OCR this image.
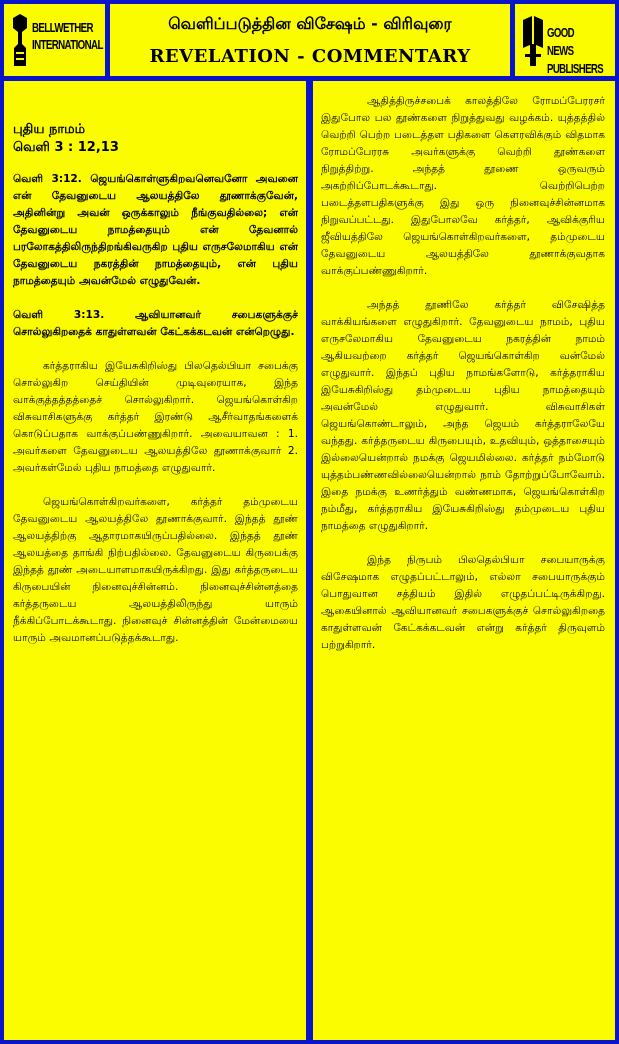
BELLWETHER
INTERNATIONAL
வெளிப்படுத்தின விசேஷம் - விரிவுரை
REVELATION - COMMENTARY
GOOD NEWS
PUBLISHERS
புதிய நாமம்
வெளி 3 : 12,13

வெளி 3:12. ஜெயங்கொள்ளுகிறவனெவனோ அவனை என் தேவனுடைய ஆலயத்திலே தூணாக்குவேன், அதினின்று அவன் ஒருக்காலும் நீங்குவதில்லை; என் தேவனுடைய நாமத்தையும் என் தேவனால் பரலோகத்திலிருந்திறங்கிவருகிற புதிய எருசலேமாகிய என் தேவனுடைய நகரத்தின் நாமத்தையும், என் புதிய நாமத்தையும் அவன்மேல் எழுதுவேன்.

வெளி 3:13. ஆவியானவர் சபைகளுக்குச் சொல்லுகிறதைக் காதுள்ளவன் கேட்கக்கடவன் என்றெழுது.

கர்த்தராகிய இயேசுகிறிஸ்து பிலதெல்பியா சபைக்கு சொல்லுகிற செய்தியின் முடிவுரையாக, இந்த வாக்குத்தத்தத்தைச் சொல்லுகிறார். ஜெயங்கொள்கிற விசுவாசிகளுக்கு கர்த்தர் இரண்டு ஆசீர்வாதங்களைக் கொடுப்பதாக வாக்குப்பண்ணுகிறார். அவையாவன : 1. அவர்களை தேவனுடைய ஆலயத்திலே தூணாக்குவார் 2. அவர்கள்மேல் புதிய நாமத்தை எழுதுவார்.

ஜெயங்கொள்கிறவர்களை, கர்த்தர் தம்முடைய தேவனுடைய ஆலயத்திலே தூணாக்குவார். இந்தத் தூண் ஆலயத்திற்கு ஆதாரமாகயிருப்பதில்லை. இந்தத் தூண் ஆலயத்தை தாங்கி நிற்பதில்லை. தேவனுடைய கிருபைக்கு இந்தத் தூண் அடையாளமாகயிருக்கிறது. இது கர்த்தருடைய கிருபையின் நினைவுச்சின்னம். நினைவுச்சின்னத்தை கர்த்தருடைய ஆலயத்திலிருந்து யாரும் நீக்கிப்போடக்கூடாது. நினைவுச் சின்னத்தின் மேன்மையை யாரும் அவமானப்படுத்தக்கூடாது.

ஆதித்திருச்சபைக் காலத்திலே ரோமப்பேரரசர் இதுபோல பல தூண்களை நிறுத்துவது வழக்கம். யுத்தத்தில் வெற்றி பெற்ற படைத்தள பதிகளை கௌரவிக்கும் விதமாக ரோமப்பேரரசு அவர்களுக்கு வெற்றி தூண்களை நிறுத்திற்று. அந்தத் தூணை ஒருவரும் அகற்றிப்போடக்கூடாது. வெற்றிபெற்ற படைத்தளபதிகளுக்கு இது ஒரு நினைவுச்சின்னமாக நிறுவப்பட்டது. இதுபோலவே கர்த்தர், ஆவிக்குரிய ஜீவியத்திலே ஜெயங்கொள்கிறவர்களை, தம்முடைய தேவனுடைய ஆலயத்திலே தூணாக்குவதாக வாக்குப்பண்ணுகிறார்.

அந்தத் தூணிலே கர்த்தர் விசேஷித்த வாக்கியங்களை எழுதுகிறார். தேவனுடைய நாமம், புதிய எருசலேமாகிய தேவனுடைய நகரத்தின் நாமம் ஆகியவற்றை கர்த்தர் ஜெயங்கொள்கிற வன்மேல் எழுதுவார். இந்தப் புதிய நாமங்களோடு, கர்த்தராகிய இயேசுகிறிஸ்து தம்முடைய புதிய நாமத்தையும் அவன்மேல் எழுதுவார். விசுவாசிகள் ஜெயங்கொண்டாலும், அந்த ஜெயம் கர்த்தராலேயே வந்தது. கர்த்தருடைய கிருபையும், உதவியும், ஒத்தாசையும் இல்லையென்றால் நமக்கு ஜெயமில்லை. கர்த்தர் நம்மோடு யுத்தம்பண்ணவில்லையென்றால் நாம் தோற்றுப்போவோம். இதை நமக்கு உணர்த்தும் வண்ணமாக, ஜெயங்கொள்கிற நம்மீது, கர்த்தராகிய இயேசுகிறிஸ்து தம்முடைய புதிய நாமத்தை எழுதுகிறார்.

இந்த நிருபம் பிலதெல்பியா சபையாருக்கு விசேஷமாக எழுதப்பட்டாலும், எல்லா சபையாருக்கும் பொதுவான சத்தியம் இதில் எழுதப்பட்டிருக்கிறது. ஆகையினால் ஆவியானவர் சபைகளுக்குச் சொல்லுகிறதை காதுள்ளவன் கேட்கக்கடவன் என்று கர்த்தர் திருவுளம் பற்றுகிறார்.
